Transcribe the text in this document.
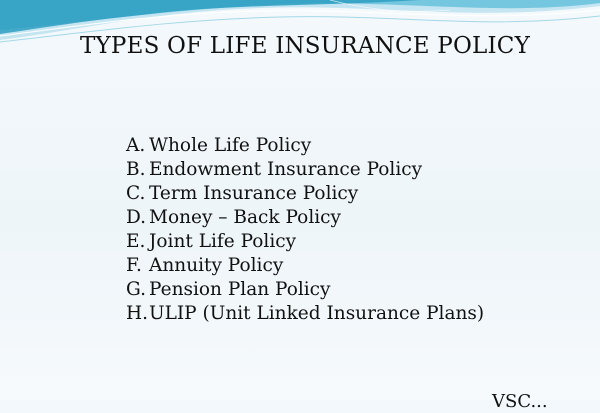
TYPES OF LIFE INSURANCE POLICY
A. Whole Life Policy
B. Endowment Insurance Policy
C. Term Insurance Policy
D. Money – Back Policy
E. Joint Life Policy
F. Annuity Policy
G. Pension Plan Policy
H. ULIP (Unit Linked Insurance Plans)
VSC...
